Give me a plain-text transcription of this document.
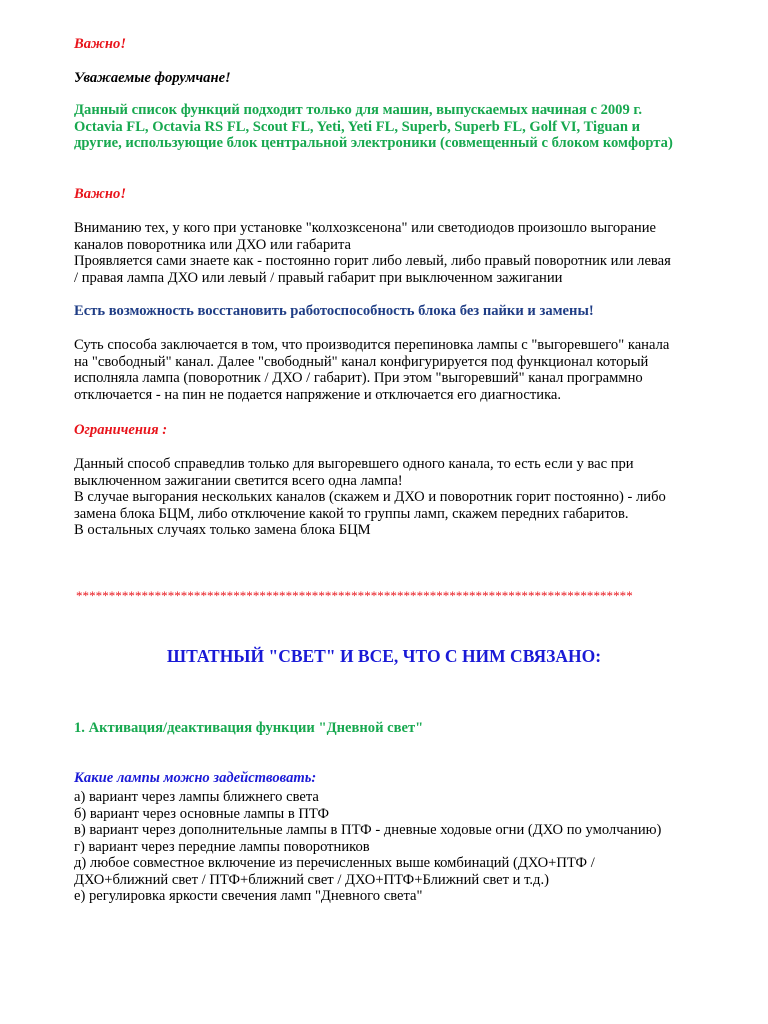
Важно!

Уважаемые форумчане!

Данный список функций подходит только для машин, выпускаемых начиная с 2009 г.
Octavia FL, Octavia RS FL, Scout FL, Yeti, Yeti FL, Superb, Superb FL, Golf VI, Tiguan и
другие, использующие блок центральной электроники (совмещенный с блоком комфорта)

Важно!

Вниманию тех, у кого при установке "колхозксенона" или светодиодов произошло выгорание
каналов поворотника или ДХО или габарита
Проявляется сами знаете как - постоянно горит либо левый, либо правый поворотник или левая
/ правая лампа ДХО или левый / правый габарит при выключенном зажигании

Есть возможность восстановить работоспособность блока без пайки и замены!

Суть способа заключается в том, что производится перепиновка лампы с "выгоревшего" канала
на "свободный" канал. Далее "свободный" канал конфигурируется под функционал который
исполняла лампа (поворотник / ДХО / габарит). При этом "выгоревший" канал программно
отключается - на пин не подается напряжение и отключается его диагностика.

Ограничения :

Данный способ справедлив только для выгоревшего одного канала, то есть если у вас при
выключенном зажигании светится всего одна лампа!
В случае выгорания нескольких каналов (скажем и ДХО и поворотник горит постоянно) - либо
замена блока БЦМ, либо отключение какой то группы ламп, скажем передних габаритов.
В остальных случаях только замена блока БЦМ

*************************************************************************************

ШТАТНЫЙ "СВЕТ" И ВСЕ, ЧТО С НИМ СВЯЗАНО:

1. Активация/деактивация функции "Дневной свет"

Какие лампы можно задействовать:

а) вариант через лампы ближнего света
б) вариант через основные лампы в ПТФ
в) вариант через дополнительные лампы в ПТФ - дневные ходовые огни (ДХО по умолчанию)
г) вариант через передние лампы поворотников
д) любое совместное включение из перечисленных выше комбинаций (ДХО+ПТФ /
ДХО+ближний свет / ПТФ+ближний свет / ДХО+ПТФ+Ближний свет и т.д.)
е) регулировка яркости свечения ламп "Дневного света"
